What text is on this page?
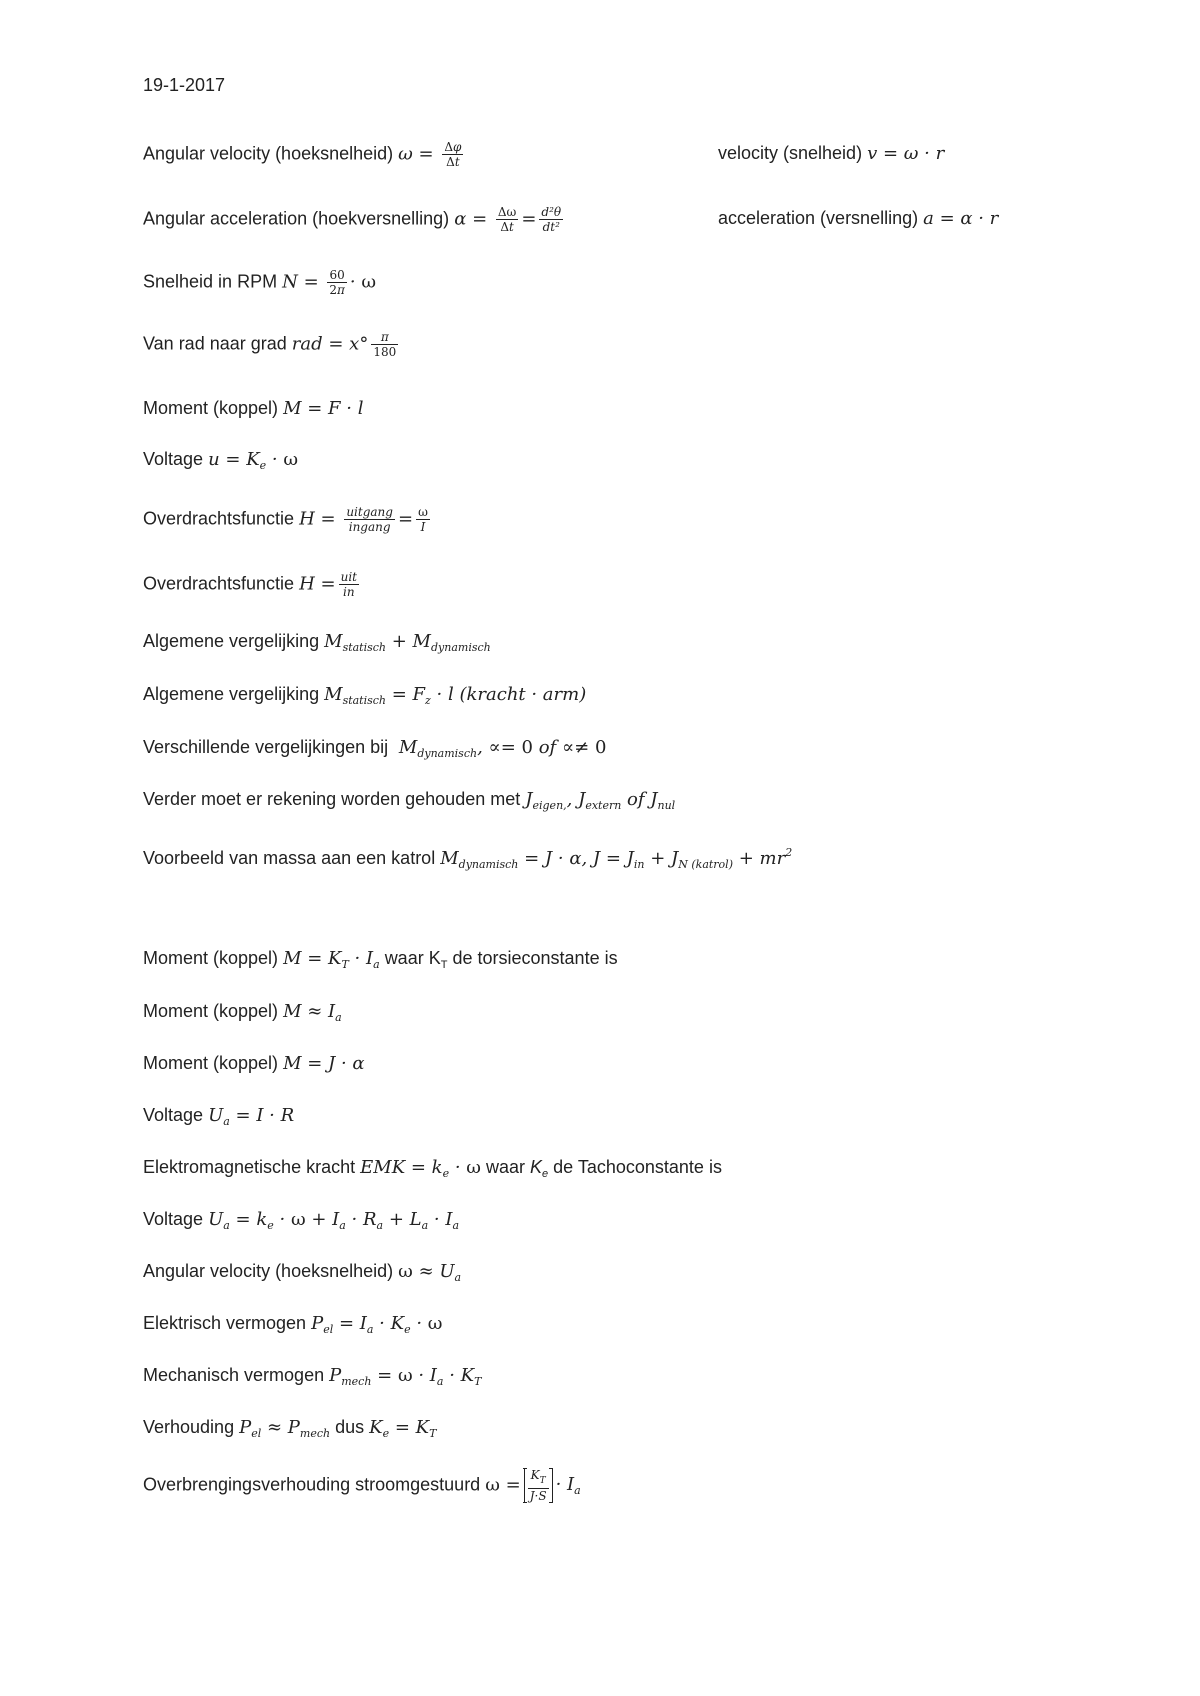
19-1-2017
Angular velocity (hoeksnelheid) $\omega = \frac{\Delta\varphi}{\Delta t}$	velocity (snelheid) v = ω · r
Angular acceleration (hoekversnelling) $\alpha = \frac{\Delta\omega}{\Delta t} = \frac{\text{d²θ}}{\text{dt²}}$	acceleration (versnelling) a = α · r
Snelheid in RPM $N = \frac{60}{2\pi} \cdot \omega$
Van rad naar grad rad = $x^\circ \frac{\pi}{180}$
Moment (koppel) M = F · l
Voltage $u = K_e \cdot \omega$
Overdrachtsfunctie $H = \frac{\text{uitgang}}{\text{ingang}} = \frac{\omega}{I}$
Overdrachtsfunctie $H = \frac{\text{uit}}{in}$
Algemene vergelijking $M_{statisch} + M_{dynamisch}$
Algemene vergelijking $M_{statisch} = F_z \cdot l$ (kracht · arm)
Verschillende vergelijkingen bij  $M_{dynamisch}$, ∝= 0 of ∝≠ 0
Verder moet er rekening worden gehouden met $J_{eigen,}$, $J_{extern}$ of $J_{nul}$
Voorbeeld van massa aan een katrol $M_{dynamisch} = J \cdot \alpha$, $J = J_{in} + J_{N (katrol)} + mr^2$
Moment (koppel) $M = K_T \cdot I_a$ waar $K_T$ de torsieconstante is
Moment (koppel) $M \approx I_a$
Moment (koppel) M = J · α
Voltage $U_a = I \cdot R$
Elektromagnetische kracht EMK = $k_e \cdot \omega$ waar $K_e$ de Tachoconstante is
Voltage $U_a = k_e \cdot \omega + I_a \cdot R_a + L_a \cdot I_a$
Angular velocity (hoeksnelheid) $\omega \approx U_a$
Elektrisch vermogen $P_{el} = I_a \cdot K_e \cdot \omega$
Mechanisch vermogen $P_{mech} = \omega \cdot I_a \cdot K_T$
Verhouding $P_{el} \approx P_{mech}$ dus $K_e = K_T$
Overbrengingsverhouding stroomgestuurd $\omega = \frac{K_T}{J\cdot S} \cdot I_a$
